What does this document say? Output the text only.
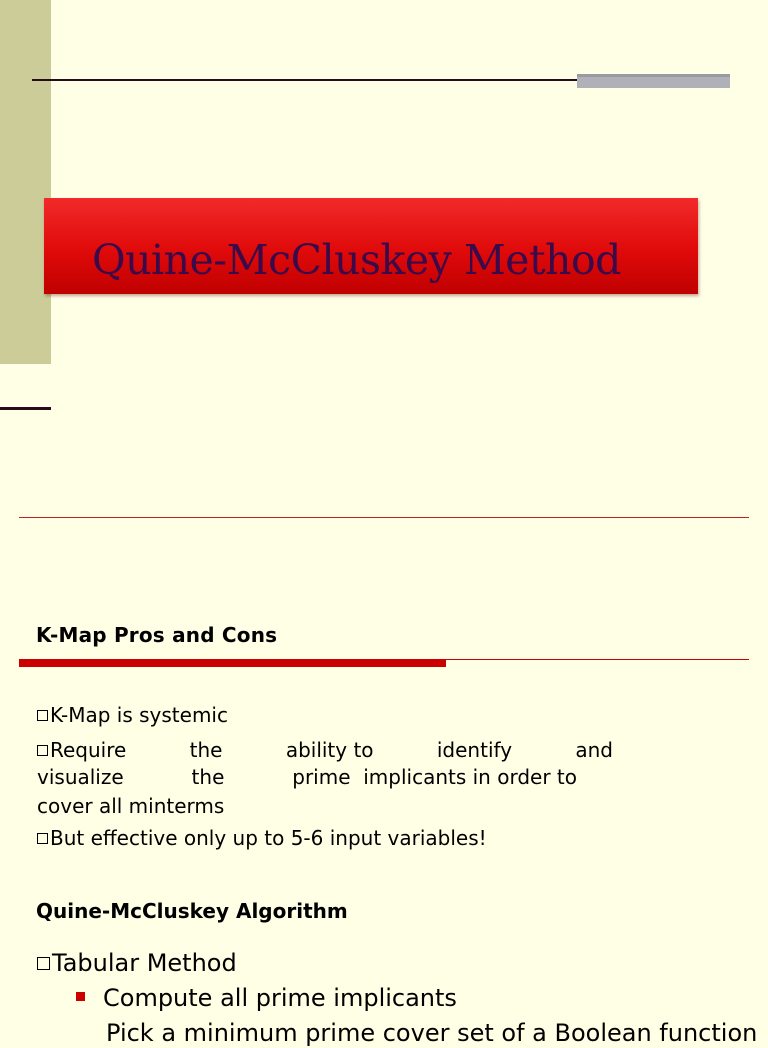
Quine-McCluskey Method
K-Map Pros and Cons
K-Map is systemic
Require	the	ability to	identify	and
visualize	the	prime  implicants in order to
cover all minterms
But effective only up to 5-6 input variables!
Quine-McCluskey Algorithm
Tabular Method
Compute all prime implicants
Pick a minimum prime cover set of a Boolean function
